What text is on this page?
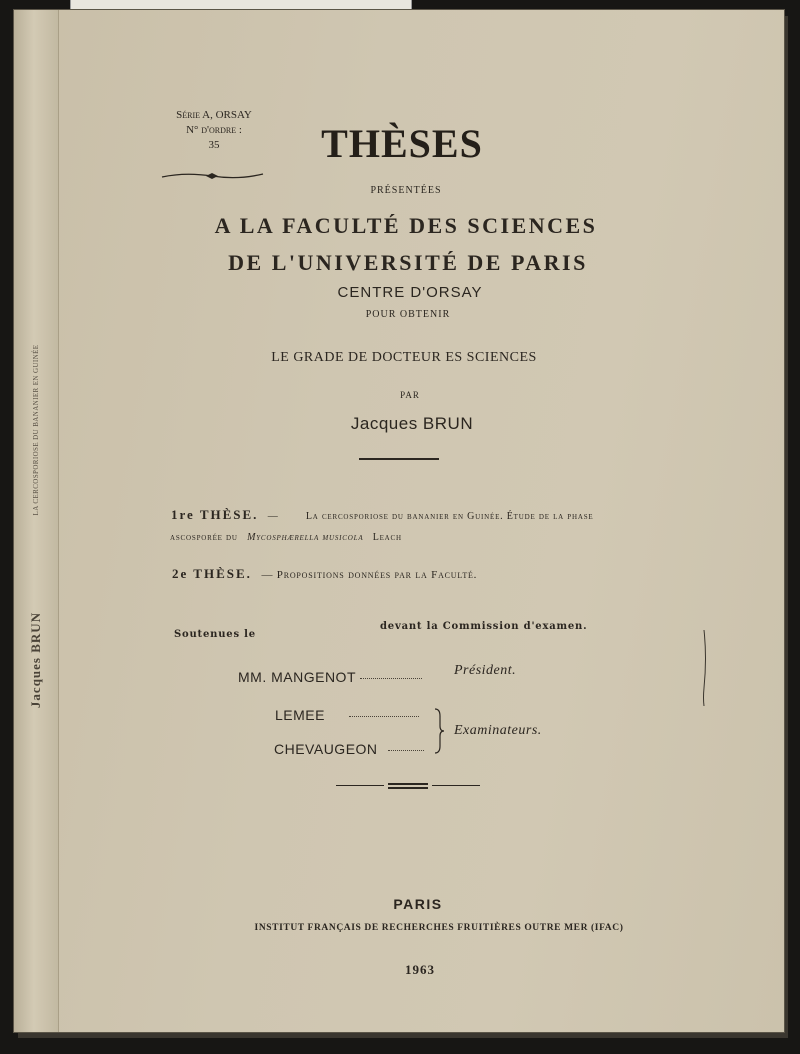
LA CERCOSPORIOSE DU BANANIER EN GUINÉE
Jacques BRUN
Série A, ORSAY
N° d'ordre :
35	THÈSES
PRÉSENTÉES
A LA FACULTÉ DES SCIENCES
DE L'UNIVERSITÉ DE PARIS
CENTRE D'ORSAY
POUR OBTENIR
LE GRADE DE DOCTEUR ES SCIENCES
PAR
Jacques BRUN
1re THÈSE. —	La cercosporiose du bananier en Guinée. Étude de la phase
ascosporée du Mycosphærella musicola Leach
2e THÈSE. — Propositions données par la Faculté.
Soutenues le
devant la Commission d'examen.
MM. MANGENOT	Président.
LEMEE
CHEVAUGEON
Examinateurs.
PARIS
INSTITUT FRANÇAIS DE RECHERCHES FRUITIÈRES OUTRE MER (IFAC)
1963
